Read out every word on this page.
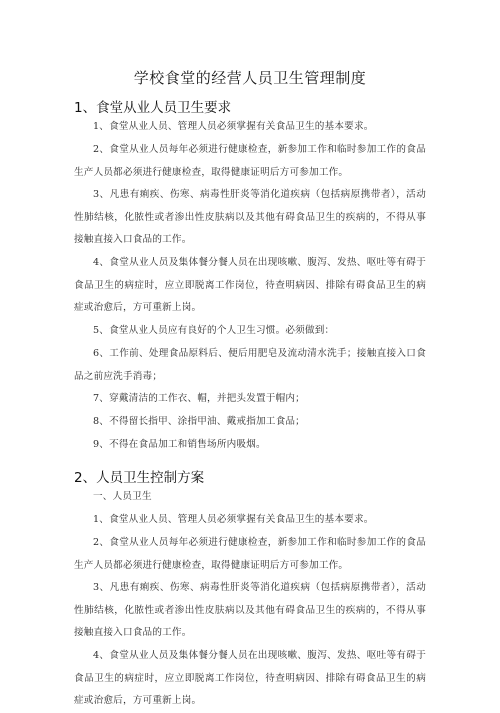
学校食堂的经营人员卫生管理制度
1、食堂从业人员卫生要求
1、食堂从业人员、管理人员必须掌握有关食品卫生的基本要求。
2、食堂从业人员每年必须进行健康检查，新参加工作和临时参加工作的食品生产人员都必须进行健康检查，取得健康证明后方可参加工作。
3、凡患有痢疾、伤寒、病毒性肝炎等消化道疾病（包括病原携带者），活动性肺结核，化脓性或者渗出性皮肤病以及其他有碍食品卫生的疾病的，不得从事接触直接入口食品的工作。
4、食堂从业人员及集体餐分餐人员在出现咳嗽、腹泻、发热、呕吐等有碍于食品卫生的病症时，应立即脱离工作岗位，待查明病因、排除有碍食品卫生的病症或治愈后，方可重新上岗。
5、食堂从业人员应有良好的个人卫生习惯。必须做到：
6、工作前、处理食品原料后、便后用肥皂及流动清水洗手；接触直接入口食品之前应洗手消毒；
7、穿戴清洁的工作衣、帽，并把头发置于帽内；
8、不得留长指甲、涂指甲油、戴戒指加工食品；
9、不得在食品加工和销售场所内吸烟。
2、人员卫生控制方案
一、人员卫生
1、食堂从业人员、管理人员必须掌握有关食品卫生的基本要求。
2、食堂从业人员每年必须进行健康检查，新参加工作和临时参加工作的食品生产人员都必须进行健康检查，取得健康证明后方可参加工作。
3、凡患有痢疾、伤寒、病毒性肝炎等消化道疾病（包括病原携带者），活动性肺结核，化脓性或者渗出性皮肤病以及其他有碍食品卫生的疾病的，不得从事接触直接入口食品的工作。
4、食堂从业人员及集体餐分餐人员在出现咳嗽、腹泻、发热、呕吐等有碍于食品卫生的病症时，应立即脱离工作岗位，待查明病因、排除有碍食品卫生的病症或治愈后，方可重新上岗。
